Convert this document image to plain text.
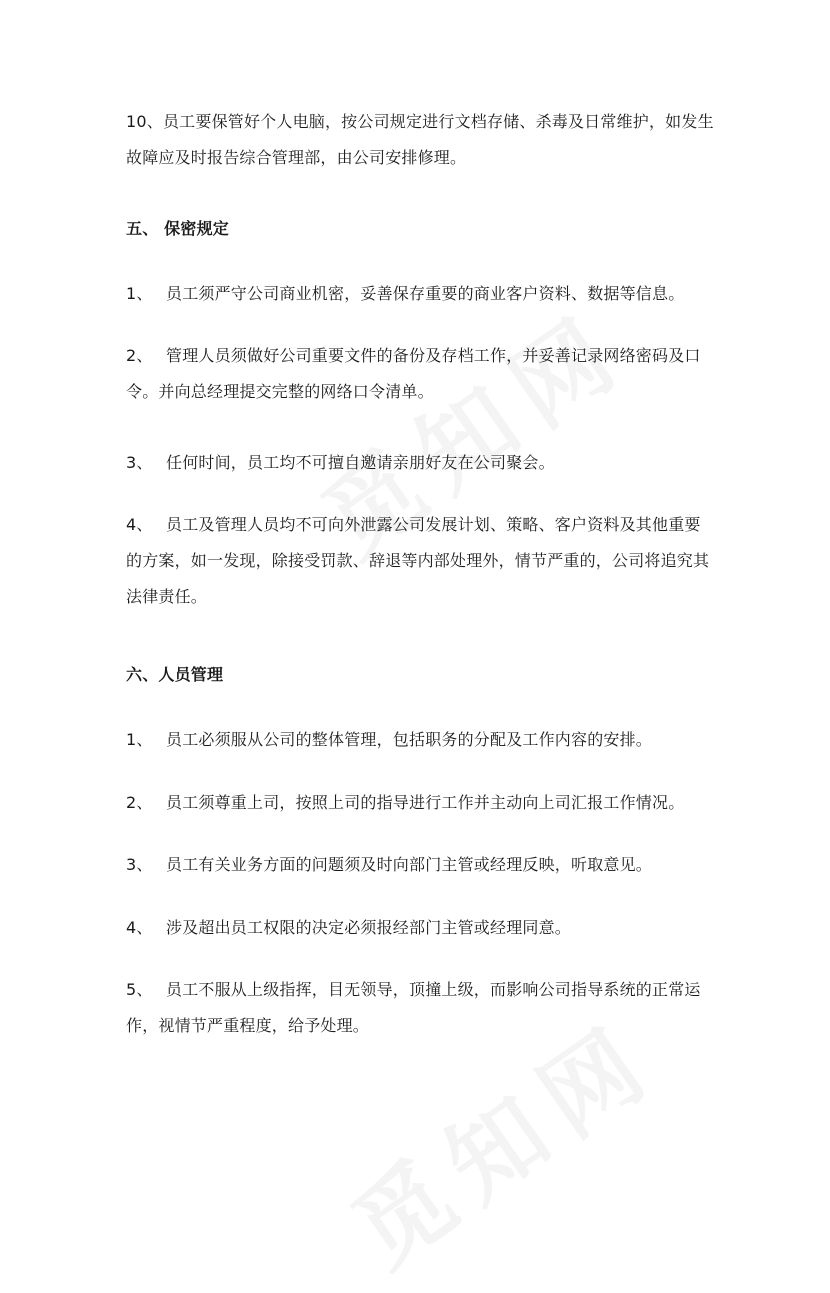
10、员工要保管好个人电脑，按公司规定进行文档存储、杀毒及日常维护，如发生故障应及时报告综合管理部，由公司安排修理。

五、 保密规定

1、 员工须严守公司商业机密，妥善保存重要的商业客户资料、数据等信息。

2、 管理人员须做好公司重要文件的备份及存档工作，并妥善记录网络密码及口令。并向总经理提交完整的网络口令清单。

3、 任何时间，员工均不可擅自邀请亲朋好友在公司聚会。

4、 员工及管理人员均不可向外泄露公司发展计划、策略、客户资料及其他重要的方案，如一发现，除接受罚款、辞退等内部处理外，情节严重的，公司将追究其法律责任。

六、人员管理

1、 员工必须服从公司的整体管理，包括职务的分配及工作内容的安排。

2、 员工须尊重上司，按照上司的指导进行工作并主动向上司汇报工作情况。

3、 员工有关业务方面的问题须及时向部门主管或经理反映，听取意见。

4、 涉及超出员工权限的决定必须报经部门主管或经理同意。

5、 员工不服从上级指挥，目无领导，顶撞上级，而影响公司指导系统的正常运作，视情节严重程度，给予处理。
